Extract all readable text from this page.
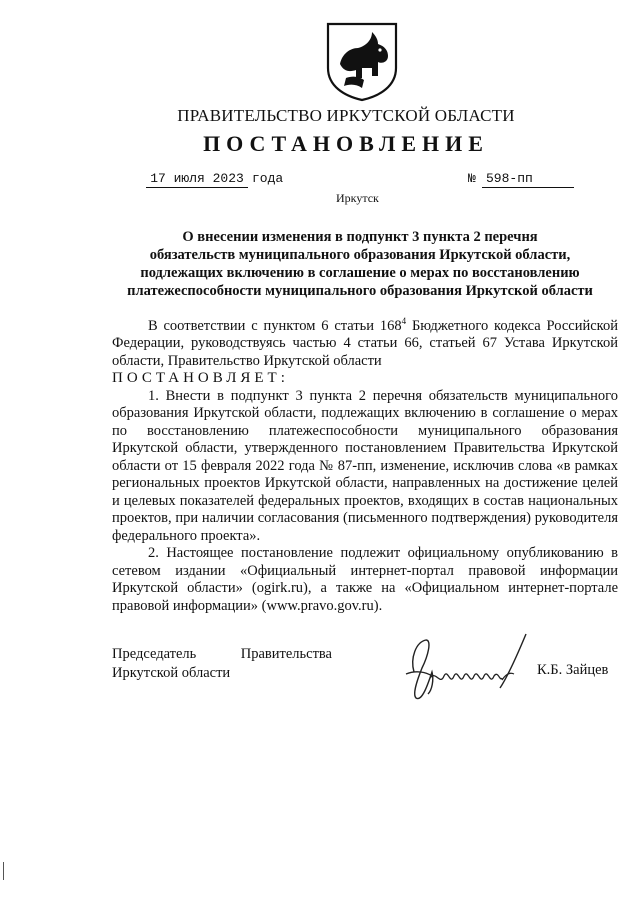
ПРАВИТЕЛЬСТВО ИРКУТСКОЙ ОБЛАСТИ
ПОСТАНОВЛЕНИЕ
17 июля 2023 года	№ 598-пп
Иркутск
О внесении изменения в подпункт 3 пункта 2 перечня
обязательств муниципального образования Иркутской области,
подлежащих включению в соглашение о мерах по восстановлению
платежеспособности муниципального образования Иркутской области

В соответствии с пунктом 6 статьи $168^4$ Бюджетного кодекса Российской Федерации, руководствуясь частью 4 статьи 66, статьей 67 Устава Иркутской области, Правительство Иркутской области

ПОСТАНОВЛЯЕТ:

1. Внести в подпункт 3 пункта 2 перечня обязательств муниципального образования Иркутской области, подлежащих включению в соглашение о мерах по восстановлению платежеспособности муниципального образования Иркутской области, утвержденного постановлением Правительства Иркутской области от 15 февраля 2022 года № 87-пп, изменение, исключив слова «в рамках региональных проектов Иркутской области, направленных на достижение целей и целевых показателей федеральных проектов, входящих в состав национальных проектов, при наличии согласования (письменного подтверждения) руководителя федерального проекта».

2. Настоящее постановление подлежит официальному опубликованию в сетевом издании «Официальный интернет-портал правовой информации Иркутской области» (ogirk.ru), а также на «Официальном интернет-портале правовой информации» (www.pravo.gov.ru).

Председатель	Правительства
Иркутской области	К.Б. Зайцев
